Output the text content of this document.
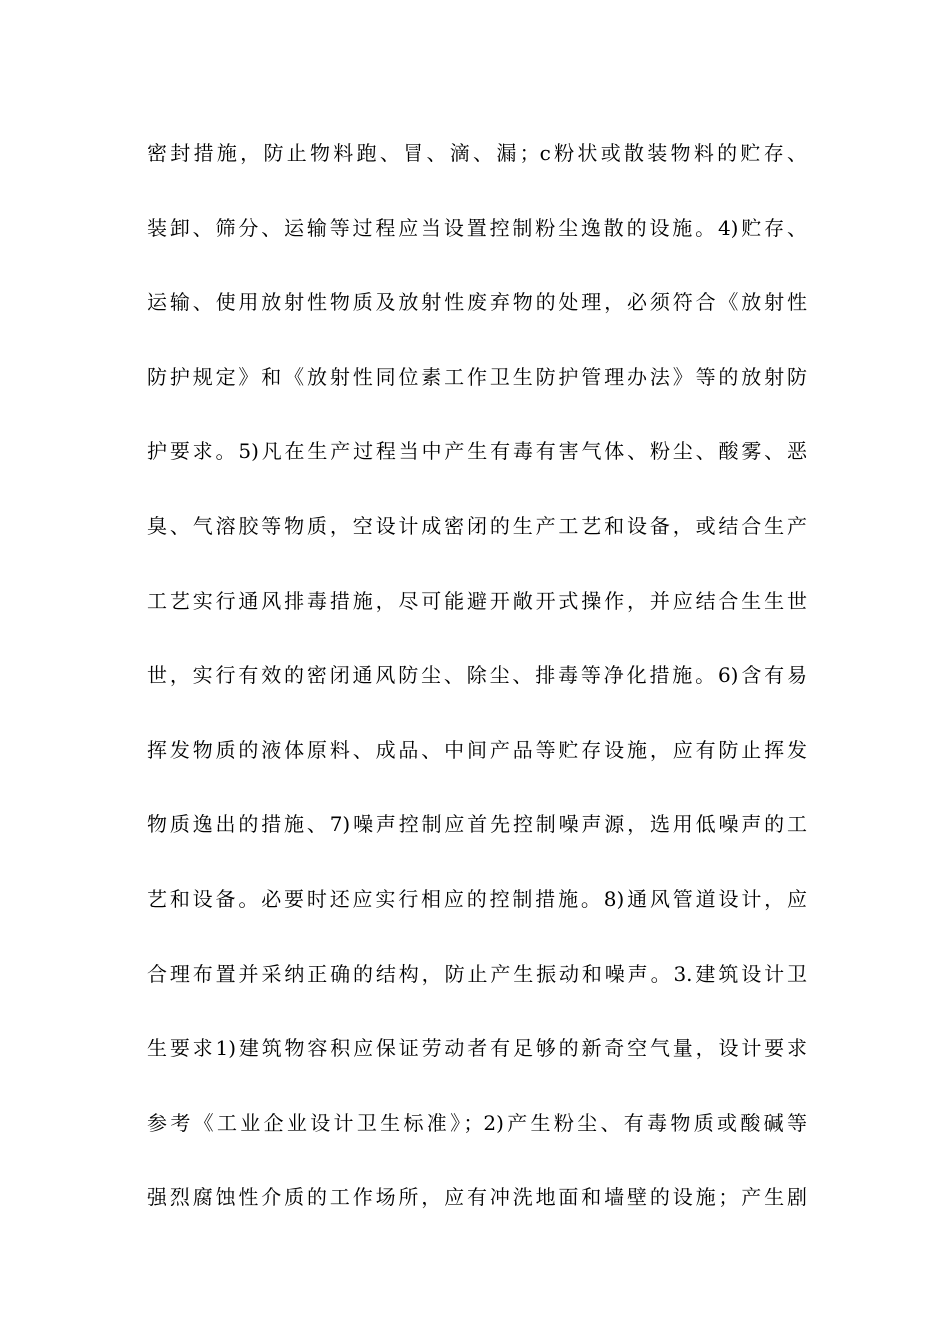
密封措施，防止物料跑、冒、滴、漏；c粉状或散装物料的贮存、
装卸、筛分、运输等过程应当设置控制粉尘逸散的设施。4)贮存、
运输、使用放射性物质及放射性废弃物的处理，必须符合《放射性
防护规定》和《放射性同位素工作卫生防护管理办法》等的放射防
护要求。5)凡在生产过程当中产生有毒有害气体、粉尘、酸雾、恶
臭、气溶胶等物质，空设计成密闭的生产工艺和设备，或结合生产
工艺实行通风排毒措施，尽可能避开敞开式操作，并应结合生生世
世，实行有效的密闭通风防尘、除尘、排毒等净化措施。6)含有易
挥发物质的液体原料、成品、中间产品等贮存设施，应有防止挥发
物质逸出的措施、7)噪声控制应首先控制噪声源，选用低噪声的工
艺和设备。必要时还应实行相应的控制措施。8)通风管道设计，应
合理布置并采纳正确的结构，防止产生振动和噪声。3.建筑设计卫
生要求1)建筑物容积应保证劳动者有足够的新奇空气量，设计要求
参考《工业企业设计卫生标准》；2)产生粉尘、有毒物质或酸碱等
强烈腐蚀性介质的工作场所，应有冲洗地面和墙壁的设施；产生剧
